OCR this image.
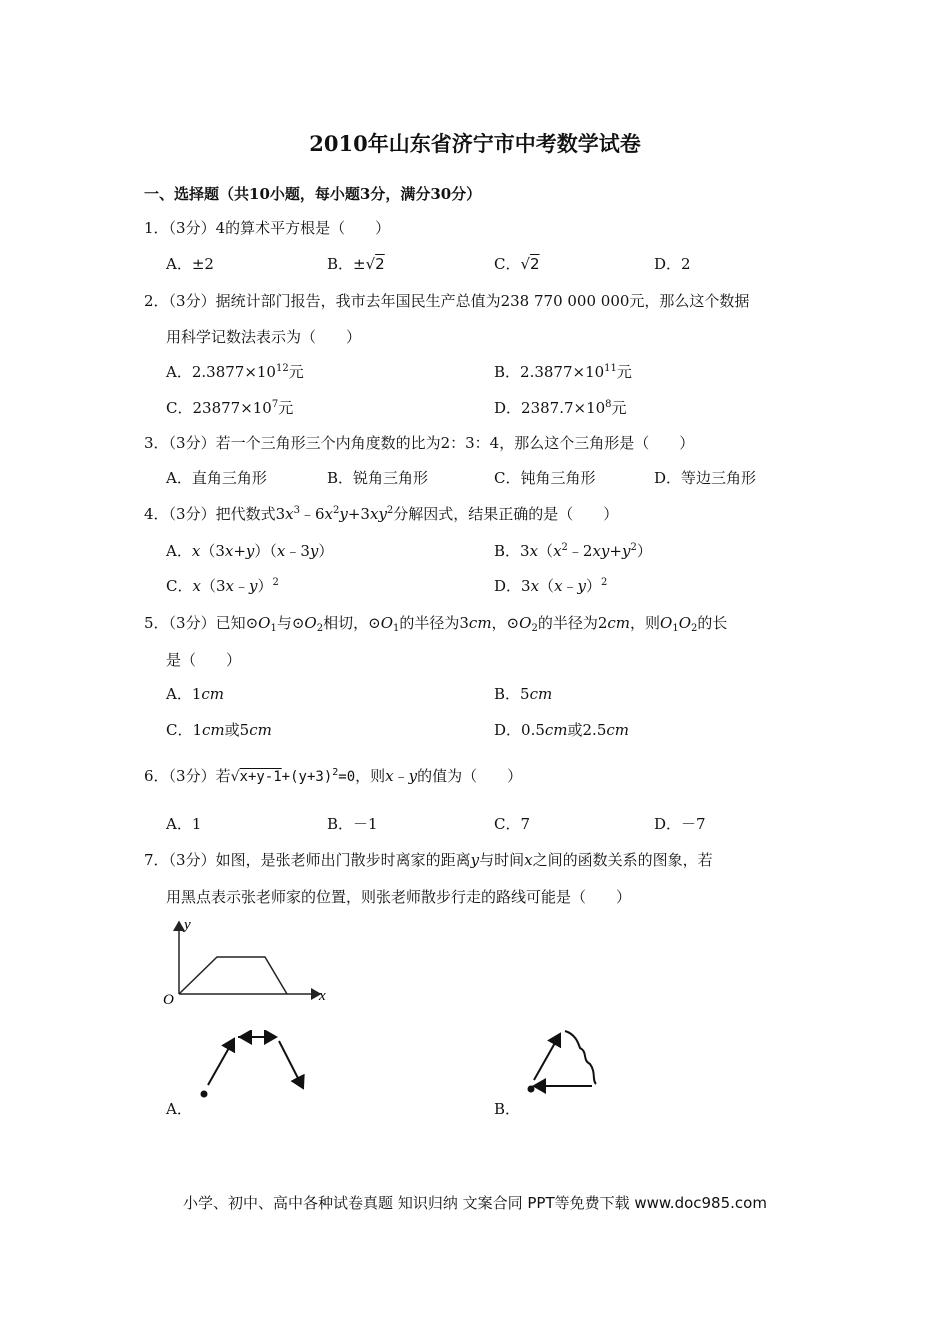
2010年山东省济宁市中考数学试卷
一、选择题（共10小题，每小题3分，满分30分）
1．（3分）4的算术平方根是（　　）
A．±2	B．±√2	C．√2	D．2
2．（3分）据统计部门报告，我市去年国民生产总值为238 770 000 000元，那么这个数据
用科学记数法表示为（　　）
A．$2.3877\times 10^{12}$元	B．$2.3877\times 10^{11}$元
C．$23877\times 10^7$元	D．$2387.7\times 10^8$元
3．（3分）若一个三角形三个内角度数的比为2：3：4，那么这个三角形是（　　）
A．直角三角形	B．锐角三角形	C．钝角三角形	D．等边三角形
4．（3分）把代数式$3x^3﹣6x^2y+3xy^2$分解因式，结果正确的是（　　）
A．x（3x+y）（x﹣3y）	B．$3x(x^2﹣2xy+y^2)$
C．x（3x﹣y）$^2$	D．3x（x﹣y）$^2$
5．（3分）已知$⊙O_1$与$⊙O_2$相切，$⊙O_1$的半径为3cm，$⊙O_2$的半径为2cm，则$O_1O_2$的长
是（　　）
A．1cm	B．5cm
C．1cm或5cm	D．0.5cm或2.5cm
6．（3分）若$√x+y-1+(y+3)^2=0$，则x﹣y的值为（　　）
A．1	B．－1	C．7	D．－7
7．（3分）如图，是张老师出门散步时离家的距离y与时间x之间的函数关系的图象，若
用黑点表示张老师家的位置，则张老师散步行走的路线可能是（　　）
y
x
O
A．	B．
小学、初中、高中各种试卷真题 知识归纳 文案合同 PPT等免费下载 www.doc985.com
